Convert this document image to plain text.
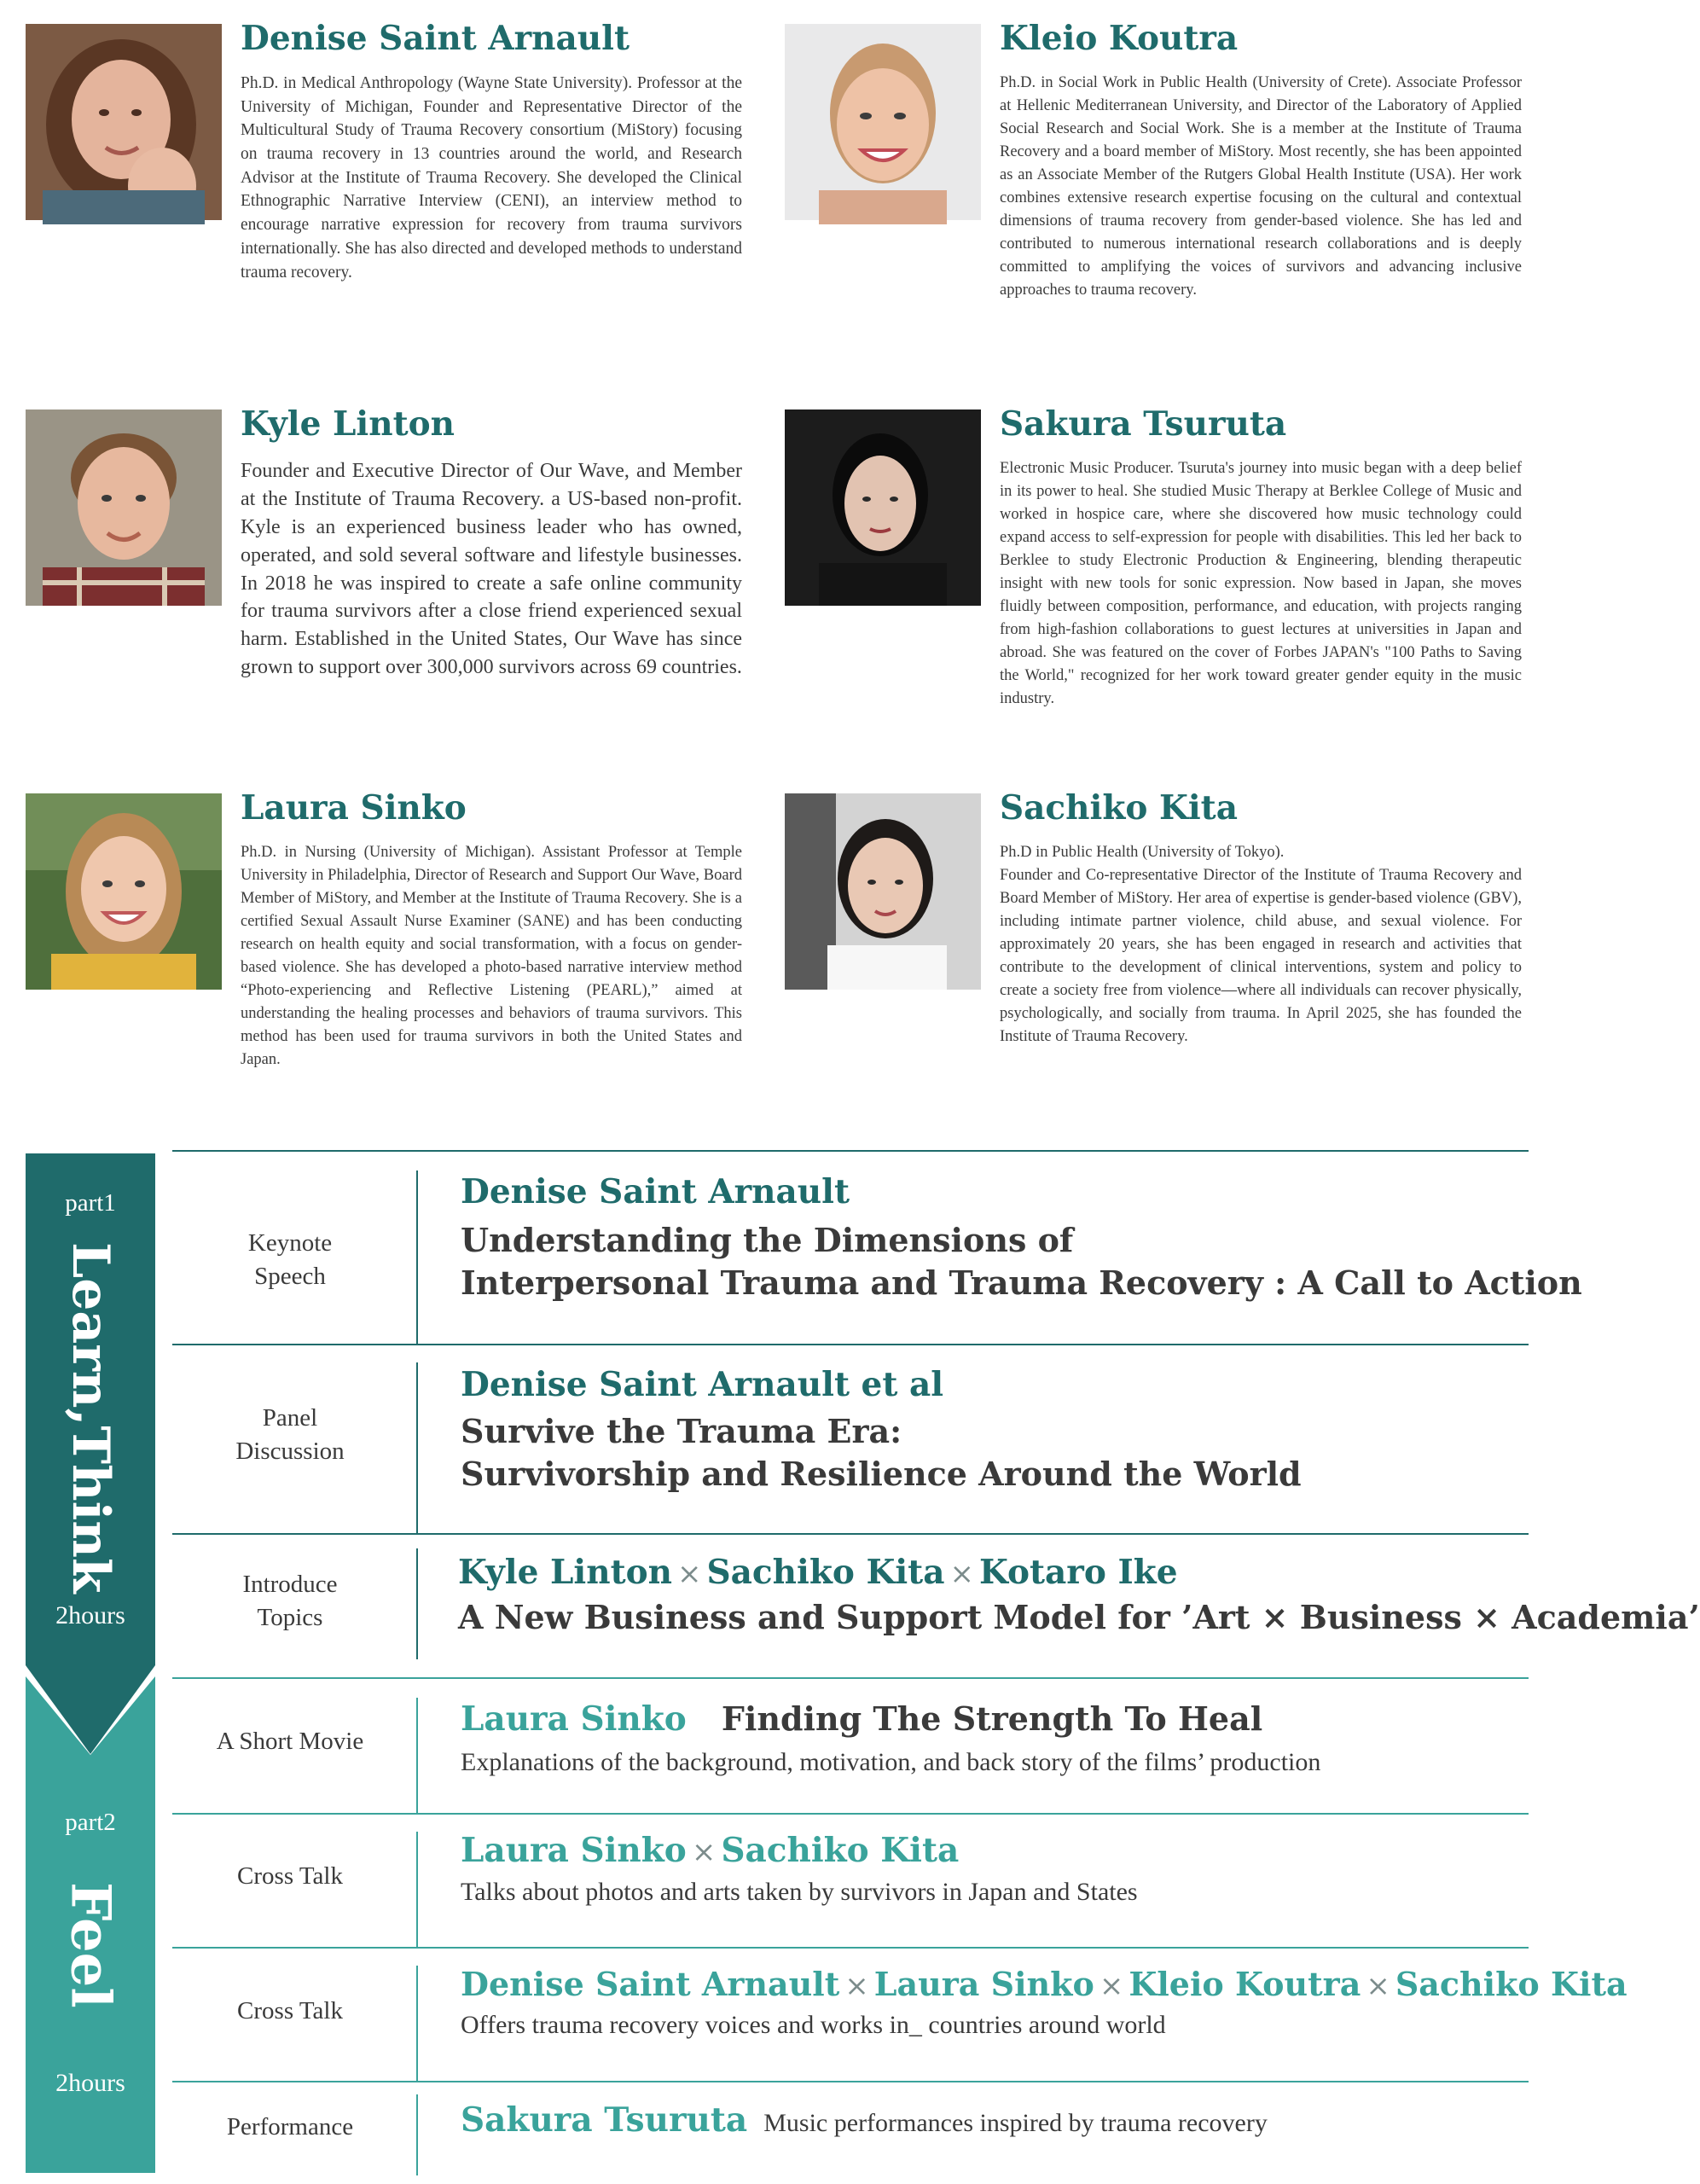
Denise Saint Arnault

Ph.D. in Medical Anthropology (Wayne State University). Professor at the University of Michigan, Founder and Representative Director of the Multicultural Study of Trauma Recovery consortium (MiStory) focusing on trauma recovery in 13 countries around the world, and Research Advisor at the Institute of Trauma Recovery. She developed the Clinical Ethnographic Narrative Interview (CENI), an interview method to encourage narrative expression for recovery from trauma survivors internationally. She has also directed and developed methods to understand trauma recovery.

Kleio Koutra

Ph.D. in Social Work in Public Health (University of Crete). Associate Professor at Hellenic Mediterranean University, and Director of the Laboratory of Applied Social Research and Social Work. She is a member at the Institute of Trauma Recovery and a board member of MiStory. Most recently, she has been appointed as an Associate Member of the Rutgers Global Health Institute (USA). Her work combines extensive research expertise focusing on the cultural and contextual dimensions of trauma recovery from gender-based violence. She has led and contributed to numerous international research collaborations and is deeply committed to amplifying the voices of survivors and advancing inclusive approaches to trauma recovery.

Kyle Linton

Founder and Executive Director of Our Wave, and Member at the Institute of Trauma Recovery. a US-based non-profit. Kyle is an experienced business leader who has owned, operated, and sold several software and lifestyle businesses. In 2018 he was inspired to create a safe online community for trauma survivors after a close friend experienced sexual harm. Established in the United States, Our Wave has since grown to support over 300,000 survivors across 69 countries.

Sakura Tsuruta

Electronic Music Producer. Tsuruta's journey into music began with a deep belief in its power to heal. She studied Music Therapy at Berklee College of Music and worked in hospice care, where she discovered how music technology could expand access to self-expression for people with disabilities. This led her back to Berklee to study Electronic Production & Engineering, blending therapeutic insight with new tools for sonic expression. Now based in Japan, she moves fluidly between composition, performance, and education, with projects ranging from high-fashion collaborations to guest lectures at universities in Japan and abroad. She was featured on the cover of Forbes JAPAN's "100 Paths to Saving the World," recognized for her work toward greater gender equity in the music industry.

Laura Sinko

Ph.D. in Nursing (University of Michigan). Assistant Professor at Temple University in Philadelphia, Director of Research and Support Our Wave, Board Member of MiStory, and Member at the Institute of Trauma Recovery. She is a certified Sexual Assault Nurse Examiner (SANE) and has been conducting research on health equity and social transformation, with a focus on gender-based violence. She has developed a photo-based narrative interview method “Photo-experiencing and Reflective Listening (PEARL),” aimed at understanding the healing processes and behaviors of trauma survivors. This method has been used for trauma survivors in both the United States and Japan.

Sachiko Kita

Ph.D in Public Health (University of Tokyo).

Founder and Co-representative Director of the Institute of Trauma Recovery and Board Member of MiStory. Her area of expertise is gender-based violence (GBV), including intimate partner violence, child abuse, and sexual violence. For approximately 20 years, she has been engaged in research and activities that contribute to the development of clinical interventions, system and policy to create a society free from violence—where all individuals can recover physically, psychologically, and socially from trauma. In April 2025, she has founded the Institute of Trauma Recovery.

part1
Learn,Think
2hours
part2
Feel
2hours
Keynote
Speech
Denise Saint Arnault
Understanding the Dimensions of
Interpersonal Trauma and Trauma Recovery : A Call to Action
Panel
Discussion
Denise Saint Arnault et al
Survive the Trauma Era:
Survivorship and Resilience Around the World
Introduce
Topics
Kyle Linton × Sachiko Kita × Kotaro Ike
A New Business and Support Model for ’Art × Business × Academia’
A Short Movie
Laura Sinko Finding The Strength To Heal
Explanations of the background, motivation, and back story of the films’ production
Cross Talk
Laura Sinko × Sachiko Kita
Talks about photos and arts taken by survivors in Japan and States
Cross Talk
Denise Saint Arnault × Laura Sinko × Kleio Koutra × Sachiko Kita
Offers trauma recovery voices and works in_ countries around world
Performance	Sakura Tsuruta Music performances inspired by trauma recovery
